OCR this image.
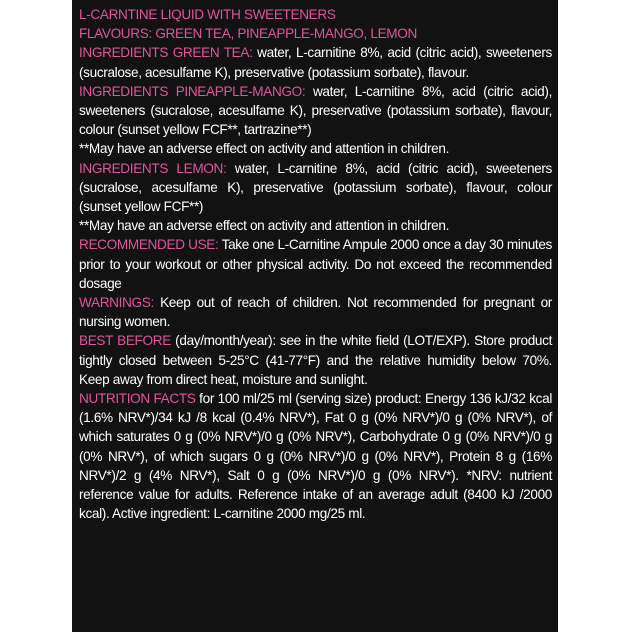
L-CARNTINE LIQUID WITH SWEETENERS

FLAVOURS: GREEN TEA, PINEAPPLE-MANGO, LEMON

INGREDIENTS GREEN TEA: water, L-carnitine 8%, acid (citric acid), sweeteners (sucralose, acesulfame K), preservative (potassium sorbate), flavour.

INGREDIENTS PINEAPPLE-MANGO: water, L-carnitine 8%, acid (citric acid), sweeteners (sucralose, acesulfame K), preservative (potassium sorbate), flavour, colour (sunset yellow FCF**, tartrazine**)

**May have an adverse effect on activity and attention in children.

INGREDIENTS LEMON: water, L-carnitine 8%, acid (citric acid), sweeteners (sucralose, acesulfame K), preservative (potassium sorbate), flavour, colour (sunset yellow FCF**)

**May have an adverse effect on activity and attention in children.

RECOMMENDED USE: Take one L-Carnitine Ampule 2000 once a day 30 minutes prior to your workout or other physical activity. Do not exceed the recommended dosage

WARNINGS: Keep out of reach of children. Not recommended for pregnant or nursing women.

BEST BEFORE (day/month/year): see in the white field (LOT/EXP). Store product tightly closed between 5-25°C (41-77°F) and the relative humidity below 70%. Keep away from direct heat, moisture and sunlight.

NUTRITION FACTS for 100 ml/25 ml (serving size) product: Energy 136 kJ/32 kcal (1.6% NRV*)/34 kJ /8 kcal (0.4% NRV*), Fat 0 g (0% NRV*)/0 g (0% NRV*), of which saturates 0 g (0% NRV*)/0 g (0% NRV*), Carbohydrate 0 g (0% NRV*)/0 g (0% NRV*), of which sugars 0 g (0% NRV*)/0 g (0% NRV*), Protein 8 g (16% NRV*)/2 g (4% NRV*), Salt 0 g (0% NRV*)/0 g (0% NRV*). *NRV: nutrient reference value for adults. Reference intake of an average adult (8400 kJ /2000 kcal). Active ingredient: L-carnitine 2000 mg/25 ml.
